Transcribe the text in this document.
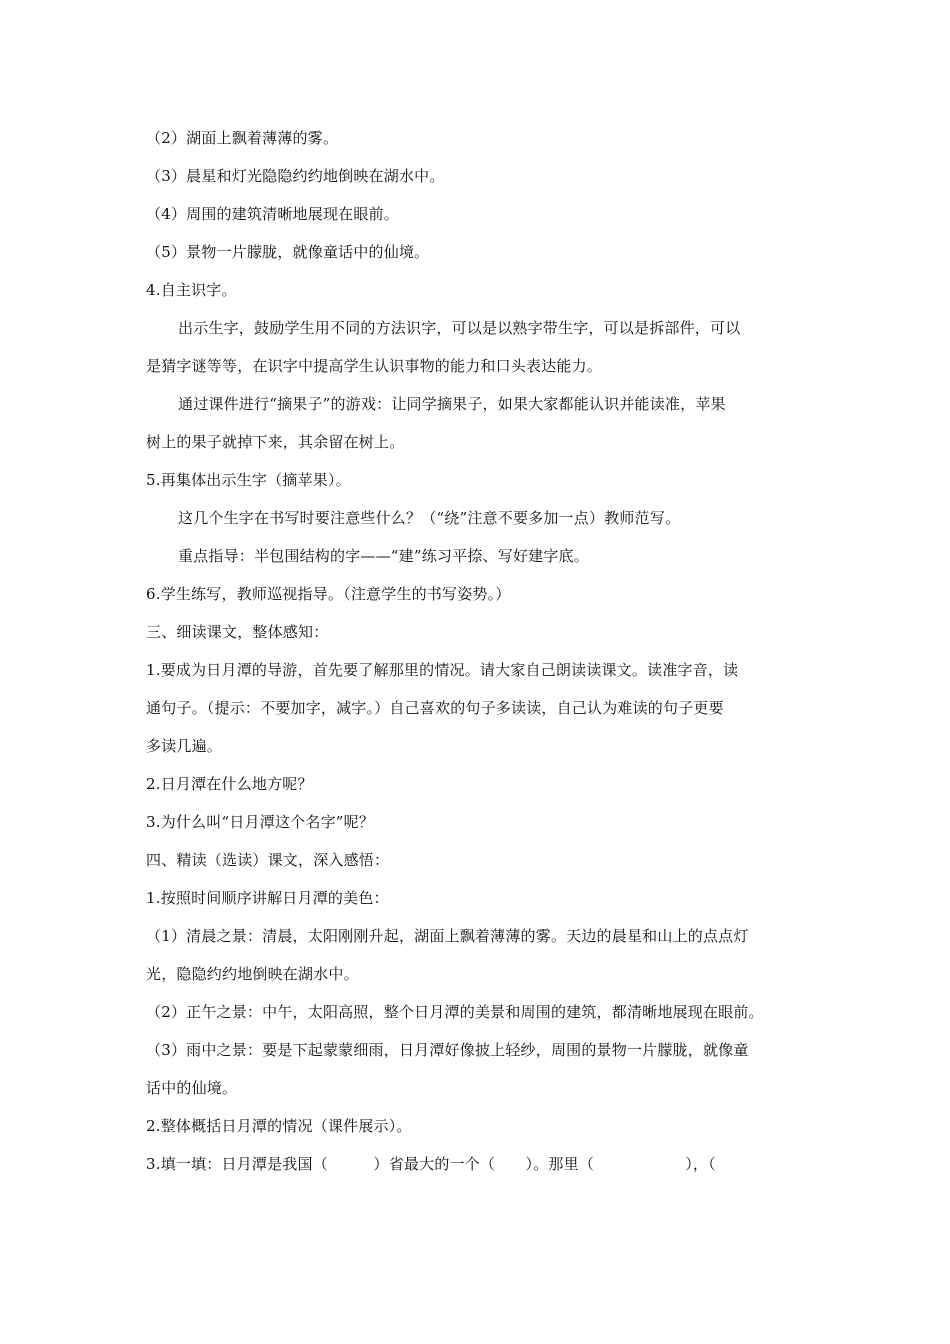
（2）湖面上飘着薄薄的雾。
（3）晨星和灯光隐隐约约地倒映在湖水中。
（4）周围的建筑清晰地展现在眼前。
（5）景物一片朦胧，就像童话中的仙境。
4.自主识字。
出示生字，鼓励学生用不同的方法识字，可以是以熟字带生字，可以是拆部件，可以
是猜字谜等等，在识字中提高学生认识事物的能力和口头表达能力。
通过课件进行“摘果子”的游戏：让同学摘果子，如果大家都能认识并能读准，苹果
树上的果子就掉下来，其余留在树上。
5.再集体出示生字（摘苹果）。
这几个生字在书写时要注意些什么？（“绕”注意不要多加一点）教师范写。
重点指导：半包围结构的字——“建”练习平捺、写好建字底。
6.学生练写，教师巡视指导。（注意学生的书写姿势。）
三、细读课文，整体感知：
1.要成为日月潭的导游，首先要了解那里的情况。请大家自己朗读读课文。读准字音，读
通句子。（提示：不要加字，减字。）自己喜欢的句子多读读，自己认为难读的句子更要
多读几遍。
2.日月潭在什么地方呢？
3.为什么叫“日月潭这个名字”呢？
四、精读（选读）课文，深入感悟：
1.按照时间顺序讲解日月潭的美色：
（1）清晨之景：清晨，太阳刚刚升起，湖面上飘着薄薄的雾。天边的晨星和山上的点点灯
光，隐隐约约地倒映在湖水中。
（2）正午之景：中午，太阳高照，整个日月潭的美景和周围的建筑，都清晰地展现在眼前。
（3）雨中之景：要是下起蒙蒙细雨，日月潭好像披上轻纱，周围的景物一片朦胧，就像童
话中的仙境。
2.整体概括日月潭的情况（课件展示）。
3.填一填：日月潭是我国（　　　）省最大的一个（　　）。那里（　　　　　　），（
